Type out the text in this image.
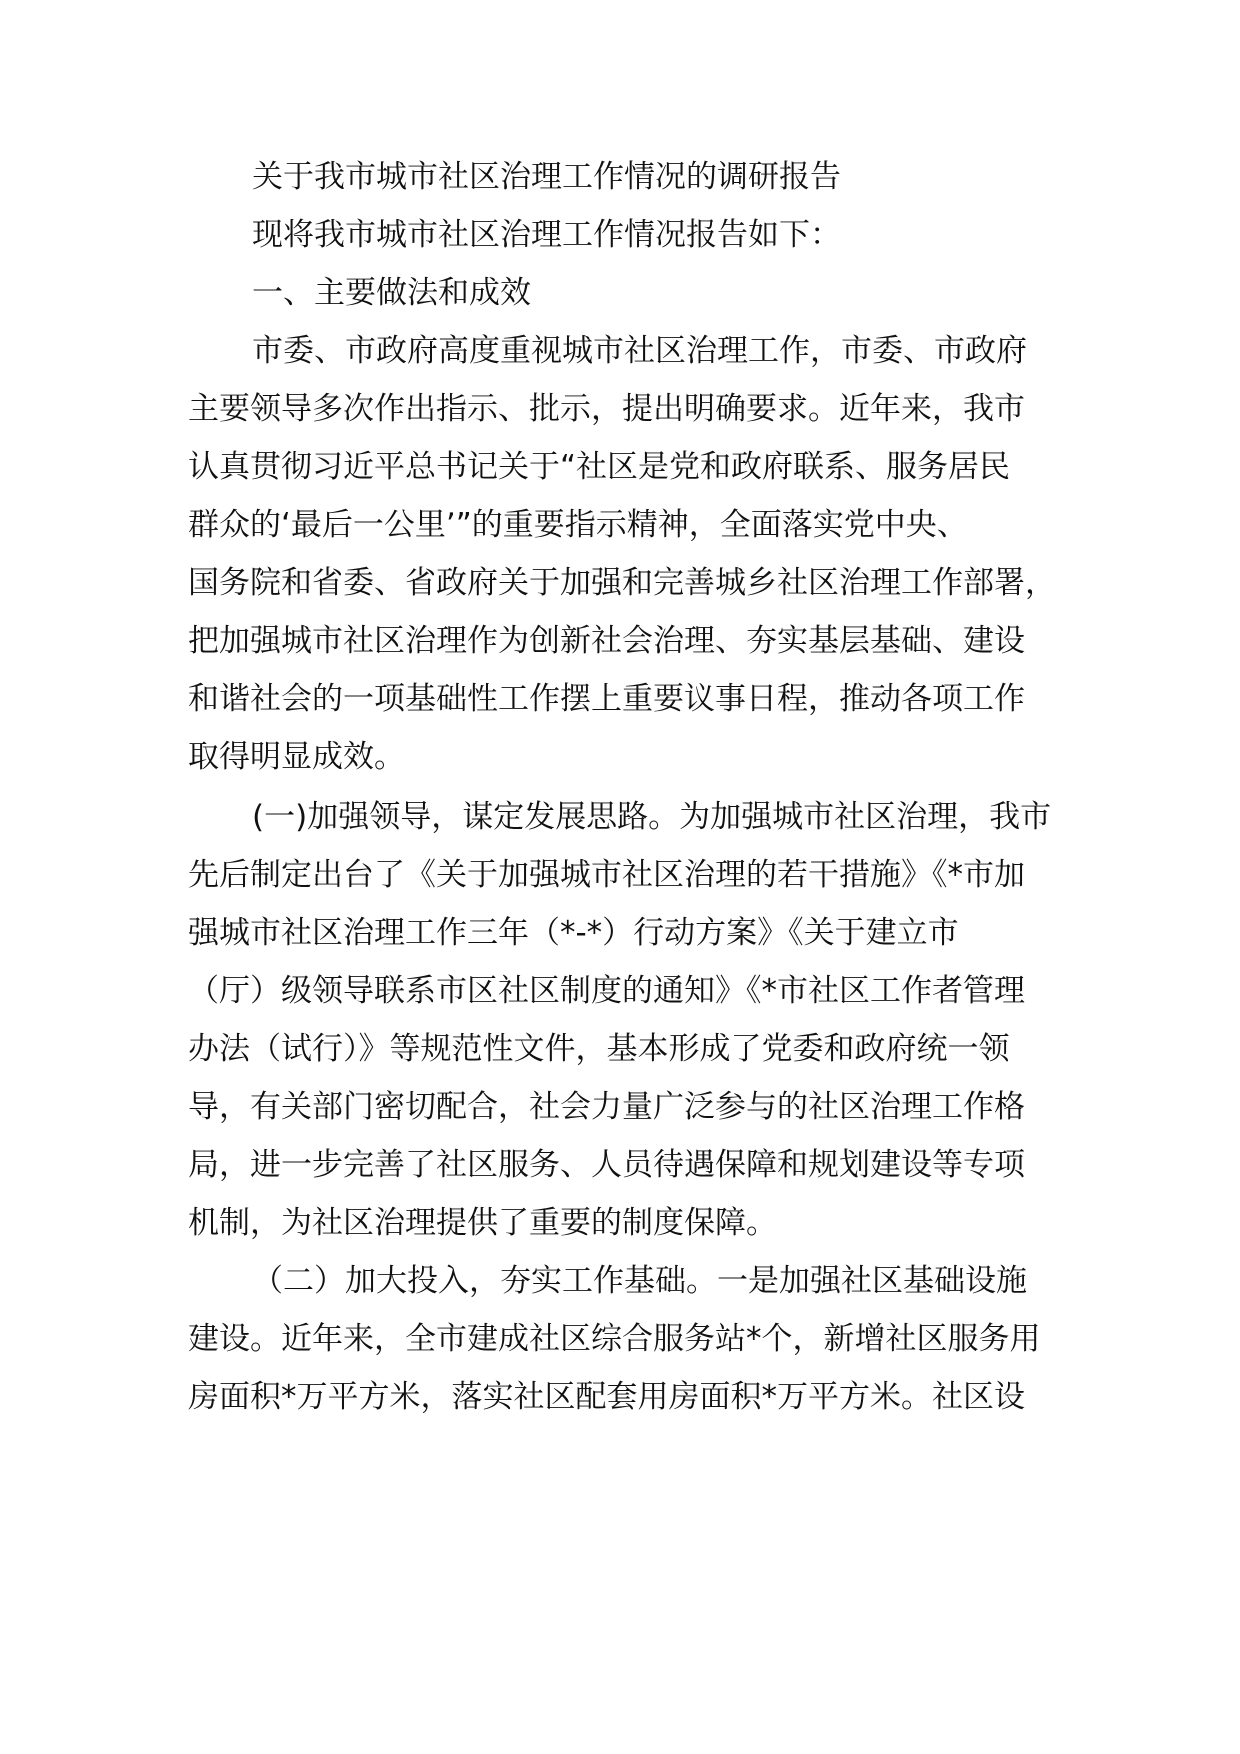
关于我市城市社区治理工作情况的调研报告

现将我市城市社区治理工作情况报告如下：

一、主要做法和成效

市委、市政府高度重视城市社区治理工作，市委、市政府

主要领导多次作出指示、批示，提出明确要求。近年来，我市

认真贯彻习近平总书记关于“社区是党和政府联系、服务居民

群众的‘最后一公里’”的重要指示精神，全面落实党中央、

国务院和省委、省政府关于加强和完善城乡社区治理工作部署，

把加强城市社区治理作为创新社会治理、夯实基层基础、建设

和谐社会的一项基础性工作摆上重要议事日程，推动各项工作

取得明显成效。

(一)加强领导，谋定发展思路。为加强城市社区治理，我市

先后制定出台了《关于加强城市社区治理的若干措施》《*市加

强城市社区治理工作三年（*-*）行动方案》《关于建立市

（厅）级领导联系市区社区制度的通知》《*市社区工作者管理

办法（试行）》等规范性文件，基本形成了党委和政府统一领

导，有关部门密切配合，社会力量广泛参与的社区治理工作格

局，进一步完善了社区服务、人员待遇保障和规划建设等专项

机制，为社区治理提供了重要的制度保障。

（二）加大投入，夯实工作基础。一是加强社区基础设施

建设。近年来，全市建成社区综合服务站*个，新增社区服务用

房面积*万平方米，落实社区配套用房面积*万平方米。社区设
